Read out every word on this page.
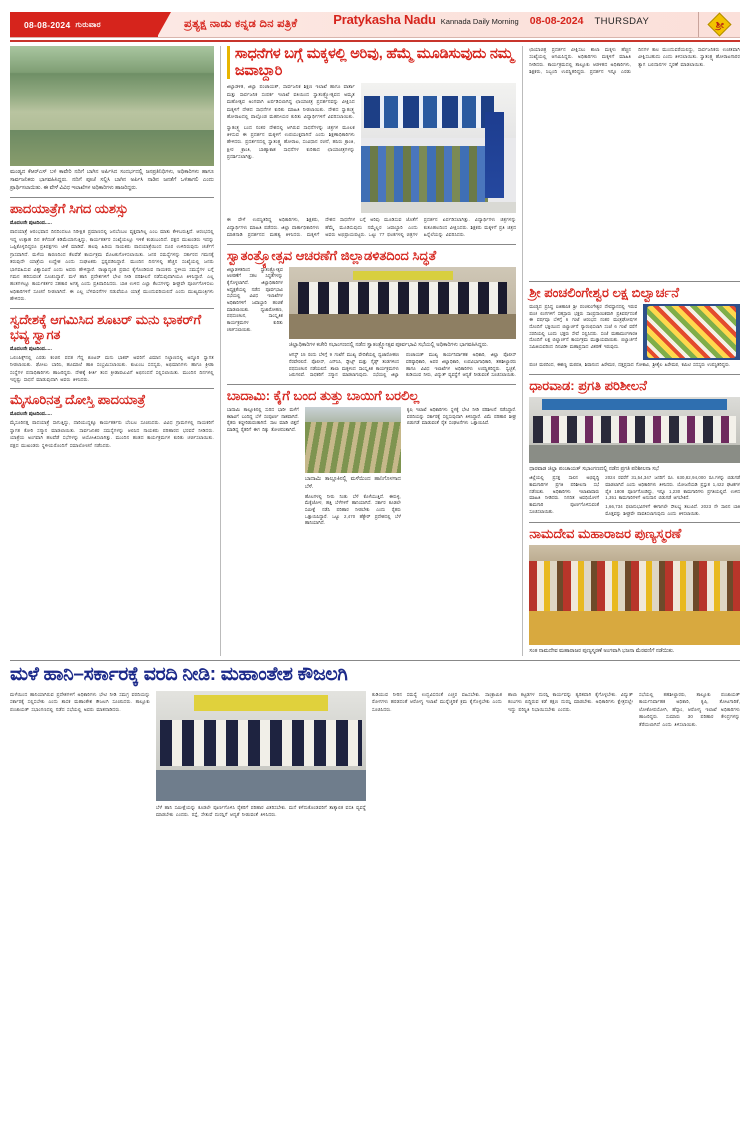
08-08-2024 ಗುರುವಾರ	ಪ್ರತ್ಯಕ್ಷ ನಾಡು ಕನ್ನಡ ದಿನ ಪತ್ರಿಕೆ	Pratykasha Nadu Kannada Daily Morning 08-08-2024 THURSDAY	ಶ್ರೀ
ಮಂಡ್ಯದ ಕೆಆರ್‌ಎಸ್ ಬಳಿ ಕಾವೇರಿ ನದಿಗೆ ಬಾಗಿನ ಅರ್ಪಿಸಿದ ಸಂದರ್ಭದಲ್ಲಿ ಜನಪ್ರತಿನಿಧಿಗಳು, ಅಧಿಕಾರಿಗಳು ಹಾಗೂ ಸಾರ್ವಜನಿಕರು ಭಾಗವಹಿಸಿದ್ದರು. ನದಿಗೆ ಪೂಜೆ ಸಲ್ಲಿಸಿ ಬಾಗಿನ ಅರ್ಪಿಸಿ ನಾಡಿನ ಜನತೆಗೆ ಒಳಿತಾಗಲಿ ಎಂದು ಪ್ರಾರ್ಥಿಸಲಾಯಿತು. ಈ ವೇಳೆ ವಿವಿಧ ಇಲಾಖೆಗಳ ಅಧಿಕಾರಿಗಳು ಹಾಜರಿದ್ದರು.
ಪಾದಯಾತ್ರೆಗೆ ಸಿಗದ ಯಶಸ್ಸು
ಮೊದಲನೇ ಪುಟದಿಂದ.....
ಪಾದಯಾತ್ರೆ ಆರಂಭವಾದ ದಿನದಿಂದಲೂ ನಿರೀಕ್ಷಿತ ಪ್ರಮಾಣದಲ್ಲಿ ಜನಬೆಂಬಲ ವ್ಯಕ್ತವಾಗಿಲ್ಲ ಎಂಬ ಮಾತು ಕೇಳಿಬರುತ್ತಿದೆ. ಆರಂಭದಲ್ಲಿ ಇದ್ದ ಉತ್ಸಾಹ ದಿನ ಕಳೆದಂತೆ ಕಡಿಮೆಯಾಗುತ್ತಿದ್ದು, ಕಾರ್ಯಕರ್ತರ ಸಂಖ್ಯೆಯಲ್ಲೂ ಇಳಿಕೆ ಕಂಡುಬಂದಿದೆ. ಪಕ್ಷದ ಮುಖಂಡರು ಇದನ್ನು ಒಪ್ಪಿಕೊಳ್ಳದಿದ್ದರೂ ಪ್ರತಿಪಕ್ಷಗಳು ಟೀಕೆ ಮಾಡಿವೆ. ಹಲವು ಹಿರಿಯ ನಾಯಕರು ಪಾದಯಾತ್ರೆಯಿಂದ ದೂರ ಉಳಿದಿರುವುದು ಚರ್ಚೆಗೆ ಗ್ರಾಸವಾಗಿದೆ. ಮಳೆಯ ಕಾರಣದಿಂದ ಕೆಲವೆಡೆ ಕಾರ್ಯಕ್ರಮ ಮೊಟಕುಗೊಳಿಸಲಾಯಿತು. ಜನರ ಸಮಸ್ಯೆಗಳನ್ನು ಸರ್ಕಾರದ ಗಮನಕ್ಕೆ ತರುವುದೇ ಯಾತ್ರೆಯ ಉದ್ದೇಶ ಎಂದು ಸಂಘಟಕರು ಸ್ಪಷ್ಟಪಡಿಸಿದ್ದಾರೆ. ಮುಂದಿನ ದಿನಗಳಲ್ಲಿ ಹೆಚ್ಚಿನ ಸಂಖ್ಯೆಯಲ್ಲಿ ಜನರು ಭಾಗವಹಿಸುವ ವಿಶ್ವಾಸವಿದೆ ಎಂದು ಅವರು ಹೇಳಿದ್ದಾರೆ. ರಾಜ್ಯಾದ್ಯಂತ ಪ್ರವಾಸ ಕೈಗೊಂಡಿರುವ ನಾಯಕರು ಸ್ಥಳೀಯ ಸಮಸ್ಯೆಗಳ ಬಗ್ಗೆ ಗಮನ ಹರಿಸುವಂತೆ ಸೂಚಿಸಿದ್ದಾರೆ. ಮಳೆ ಹಾನಿ ಪ್ರದೇಶಗಳಿಗೆ ಭೇಟಿ ನೀಡಿ ಪರಿಶೀಲನೆ ನಡೆಸುವುದಾಗಿಯೂ ತಿಳಿಸಿದ್ದಾರೆ. ಎಲ್ಲ ಹಂತಗಳಲ್ಲೂ ಕಾರ್ಯಕರ್ತರ ಸಹಕಾರ ಅಗತ್ಯ ಎಂದು ಪ್ರತಿಪಾದಿಸಿದರು. ಬಾಕಿ ಉಳಿದ ಎಲ್ಲಾ ಕೆಲಸಗಳನ್ನು ಶೀಘ್ರವೇ ಪೂರ್ಣಗೊಳಿಸಲು ಅಧಿಕಾರಿಗಳಿಗೆ ಸೂಚನೆ ನೀಡಲಾಗಿದೆ. ಈ ಎಲ್ಲ ಬೆಳವಣಿಗೆಗಳ ನಡುವೆಯೂ ಯಾತ್ರೆ ಮುಂದುವರಿಯಲಿದೆ ಎಂದು ಮುಖ್ಯಮಂತ್ರಿಗಳು ಹೇಳಿದರು.
ಸ್ವದೇಶಕ್ಕೆ ಆಗಮಿಸಿದ ಶೂಟರ್ ಮನು ಭಾಕರ್‌ಗೆ ಭವ್ಯ ಸ್ವಾಗತ
ಮೊದಲನೇ ಪುಟದಿಂದ.....
ಒಲಿಂಪಿಕ್ಸ್‌ನಲ್ಲಿ ಎರಡು ಕಂಚಿನ ಪದಕ ಗೆದ್ದ ಶೂಟರ್ ಮನು ಭಾಕರ್ ಅವರಿಗೆ ವಿಮಾನ ನಿಲ್ದಾಣದಲ್ಲಿ ಅದ್ಧೂರಿ ಸ್ವಾಗತ ನೀಡಲಾಯಿತು. ಢೋಲು ಬಾರಿಸಿ, ಹೂಮಾಲೆ ಹಾಕಿ ಸಂಭ್ರಮಿಸಲಾಯಿತು. ಕುಟುಂಬ ಸದಸ್ಯರು, ಅಭಿಮಾನಿಗಳು ಹಾಗೂ ಕ್ರೀಡಾ ಸಂಸ್ಥೆಗಳ ಪದಾಧಿಕಾರಿಗಳು ಹಾಜರಿದ್ದರು. ದೇಶಕ್ಕೆ ಕೀರ್ತಿ ತಂದ ಕ್ರೀಡಾಪಟುವಿಗೆ ಅಭಿನಂದನೆ ಸಲ್ಲಿಸಲಾಯಿತು. ಮುಂದಿನ ದಿನಗಳಲ್ಲಿ ಇನ್ನಷ್ಟು ಸಾಧನೆ ಮಾಡುವುದಾಗಿ ಅವರು ತಿಳಿಸಿದರು.
ಮೈಸೂರಿನತ್ತ ದೋಸ್ತಿ ಪಾದಯಾತ್ರೆ
ಮೊದಲನೇ ಪುಟದಿಂದ.....
ಮೈಸೂರಿನತ್ತ ಪಾದಯಾತ್ರೆ ಸಾಗುತ್ತಿದ್ದು, ದಾರಿಯುದ್ದಕ್ಕೂ ಕಾರ್ಯಕರ್ತರು ಬೆಂಬಲ ಸೂಚಿಸಿದರು. ವಿವಿಧ ಗ್ರಾಮಗಳಲ್ಲಿ ನಾಯಕರಿಗೆ ಸ್ವಾಗತ ಕೋರಿ ಸನ್ಮಾನ ಮಾಡಲಾಯಿತು. ಸಾರ್ವಜನಿಕರ ಸಮಸ್ಯೆಗಳನ್ನು ಆಲಿಸಿದ ನಾಯಕರು ಪರಿಹಾರದ ಭರವಸೆ ನೀಡಿದರು. ಯಾತ್ರೆಯ ಅಂಗವಾಗಿ ಹಲವೆಡೆ ಸಭೆಗಳನ್ನು ಆಯೋಜಿಸಲಾಗಿತ್ತು. ಮುಂದಿನ ಹಂತದ ಕಾರ್ಯಕ್ರಮಗಳ ಕುರಿತು ಚರ್ಚಿಸಲಾಯಿತು. ಪಕ್ಷದ ಮುಖಂಡರು ಸ್ಥಳೀಯರೊಂದಿಗೆ ಸಮಾಲೋಚನೆ ನಡೆಸಿದರು.
ಸಾಧನೆಗಳ ಬಗ್ಗೆ ಮಕ್ಕಳಲ್ಲಿ ಅರಿವು, ಹೆಮ್ಮೆ ಮೂಡಿಸುವುದು ನಮ್ಮ ಜವಾಬ್ದಾರಿ
ಜಿಲ್ಲಾಡಳಿತ, ಜಿಲ್ಲಾ ಪಂಚಾಯತ್, ಸಾರ್ವಜನಿಕ ಶಿಕ್ಷಣ ಇಲಾಖೆ ಹಾಗೂ ವಾರ್ತಾ ಮತ್ತು ಸಾರ್ವಜನಿಕ ಸಂಪರ್ಕ ಇಲಾಖೆ ವತಿಯಿಂದ ಸ್ವಾತಂತ್ರ್ಯೋತ್ಸವದ ಅಮೃತ ಮಹೋತ್ಸವ ಅಂಗವಾಗಿ ಏರ್ಪಡಿಸಲಾಗಿದ್ದ ಛಾಯಾಚಿತ್ರ ಪ್ರದರ್ಶನವನ್ನು ವೀಕ್ಷಿಸಿದ ಮಕ್ಕಳಿಗೆ ದೇಶದ ಸಾಧನೆಗಳ ಕುರಿತು ಮಾಹಿತಿ ನೀಡಲಾಯಿತು. ದೇಶದ ಸ್ವಾತಂತ್ರ್ಯ ಹೋರಾಟದಲ್ಲಿ ಪಾಲ್ಗೊಂಡ ಮಹನೀಯರ ಕುರಿತು ವಿದ್ಯಾರ್ಥಿಗಳಿಗೆ ವಿವರಿಸಲಾಯಿತು.
ಸ್ವಾತಂತ್ರ್ಯ ಬಂದ ನಂತರ ದೇಶದಲ್ಲಿ ಆಗಿರುವ ಸಾಧನೆಗಳನ್ನು ಚಿತ್ರಗಳ ಮೂಲಕ ತಿಳಿಸುವ ಈ ಪ್ರದರ್ಶನ ಮಕ್ಕಳಿಗೆ ಉಪಯುಕ್ತವಾಗಿದೆ ಎಂದು ಶಿಕ್ಷಣಾಧಿಕಾರಿಗಳು ಹೇಳಿದರು. ಪ್ರದರ್ಶನದಲ್ಲಿ ಸ್ವಾತಂತ್ರ್ಯ ಹೋರಾಟ, ಸಂವಿಧಾನ ರಚನೆ, ಹಸಿರು ಕ್ರಾಂತಿ, ಕ್ಷೀರ ಕ್ರಾಂತಿ, ಬಾಹ್ಯಾಕಾಶ ಸಾಧನೆಗಳ ಕುರಿತಾದ ಛಾಯಾಚಿತ್ರಗಳನ್ನು ಪ್ರದರ್ಶಿಸಲಾಗಿತ್ತು.
ಈ ವೇಳೆ ಉಪಸ್ಥಿತರಿದ್ದ ಅಧಿಕಾರಿಗಳು, ಶಿಕ್ಷಕರು, ವಿದ್ಯಾರ್ಥಿಗಳು ಮಾಹಿತಿ ಪಡೆದರು. ಜಿಲ್ಲಾ ವಾರ್ತಾಧಿಕಾರಿಗಳು ಮಾತನಾಡಿ ಪ್ರದರ್ಶನದ ಮಹತ್ವ ತಿಳಿಸಿದರು. ಮಕ್ಕಳಿಗೆ ದೇಶದ ಸಾಧನೆಗಳ ಬಗ್ಗೆ ಅರಿವು ಮೂಡಿಸುವ ಜೊತೆಗೆ ಹೆಮ್ಮೆ ಮೂಡಿಸುವುದು ನಮ್ಮೆಲ್ಲರ ಜವಾಬ್ದಾರಿ ಎಂದು ಅವರು ಅಭಿಪ್ರಾಯಪಟ್ಟರು. ಒಟ್ಟು 77 ಫಲಕಗಳಲ್ಲಿ ಚಿತ್ರಗಳ ಪ್ರದರ್ಶನ ಏರ್ಪಡಿಸಲಾಗಿತ್ತು. ವಿದ್ಯಾರ್ಥಿಗಳು ಚಿತ್ರಗಳನ್ನು ಕುತೂಹಲದಿಂದ ವೀಕ್ಷಿಸಿದರು. ಶಿಕ್ಷಕರು ಮಕ್ಕಳಿಗೆ ಪ್ರತಿ ಚಿತ್ರದ ಹಿನ್ನೆಲೆಯನ್ನು ವಿವರಿಸಿದರು.
ಸ್ವಾತಂತ್ರ್ಯೋತ್ಸವ ಆಚರಣೆಗೆ ಜಿಲ್ಲಾಡಳಿತದಿಂದ ಸಿದ್ಧತೆ
ಜಿಲ್ಲಾಡಳಿತದಿಂದ ಸ್ವಾತಂತ್ರ್ಯೋತ್ಸವ ಆಚರಣೆಗೆ ಸಕಲ ಸಿದ್ಧತೆಗಳನ್ನು ಕೈಗೊಳ್ಳಲಾಗಿದೆ. ಜಿಲ್ಲಾಧಿಕಾರಿಗಳ ಅಧ್ಯಕ್ಷತೆಯಲ್ಲಿ ನಡೆದ ಪೂರ್ವಭಾವಿ ಸಭೆಯಲ್ಲಿ ವಿವಿಧ ಇಲಾಖೆಗಳ ಅಧಿಕಾರಿಗಳಿಗೆ ಜವಾಬ್ದಾರಿ ಹಂಚಿಕೆ ಮಾಡಲಾಯಿತು. ಧ್ವಜಾರೋಹಣ, ಪಥಸಂಚಲನ, ಸಾಂಸ್ಕೃತಿಕ ಕಾರ್ಯಕ್ರಮಗಳ ಕುರಿತು ಚರ್ಚಿಸಲಾಯಿತು.
ಜಿಲ್ಲಾಧಿಕಾರಿಗಳ ಕಚೇರಿ ಸಭಾಂಗಣದಲ್ಲಿ ನಡೆದ ಸ್ವಾತಂತ್ರ್ಯೋತ್ಸವ ಪೂರ್ವಭಾವಿ ಸಭೆಯಲ್ಲಿ ಅಧಿಕಾರಿಗಳು ಭಾಗವಹಿಸಿದ್ದರು.
ಆಗಸ್ಟ್ 15 ರಂದು ಬೆಳಿಗ್ಗೆ 9 ಗಂಟೆಗೆ ಮುಖ್ಯ ವೇದಿಕೆಯಲ್ಲಿ ಧ್ವಜಾರೋಹಣ ನೆರವೇರಲಿದೆ. ಪೊಲೀಸ್, ಎನ್‌ಸಿಸಿ, ಸ್ಕೌಟ್ಸ್ ಮತ್ತು ಗೈಡ್ಸ್ ತಂಡಗಳಿಂದ ಪಥಸಂಚಲನ ನಡೆಯಲಿದೆ. ಶಾಲಾ ಮಕ್ಕಳಿಂದ ಸಾಂಸ್ಕೃತಿಕ ಕಾರ್ಯಕ್ರಮಗಳು ಜರುಗಲಿವೆ. ಸಾಧಕರಿಗೆ ಸನ್ಮಾನ ಮಾಡಲಾಗುವುದು. ಸಭೆಯಲ್ಲಿ ಜಿಲ್ಲಾ ಪಂಚಾಯತ್ ಮುಖ್ಯ ಕಾರ್ಯನಿರ್ವಾಹಕ ಅಧಿಕಾರಿ, ಜಿಲ್ಲಾ ಪೊಲೀಸ್ ವರಿಷ್ಠಾಧಿಕಾರಿ, ಅಪರ ಜಿಲ್ಲಾಧಿಕಾರಿ, ಉಪವಿಭಾಗಾಧಿಕಾರಿ, ತಹಶೀಲ್ದಾರರು ಹಾಗೂ ವಿವಿಧ ಇಲಾಖೆಗಳ ಅಧಿಕಾರಿಗಳು ಉಪಸ್ಥಿತರಿದ್ದರು. ಸ್ವಚ್ಛತೆ, ಕುಡಿಯುವ ನೀರು, ವಿದ್ಯುತ್ ವ್ಯವಸ್ಥೆಗೆ ಆದ್ಯತೆ ನೀಡುವಂತೆ ಸೂಚಿಸಲಾಯಿತು.
ಬಾದಾಮಿ: ಕೈಗೆ ಬಂದ ತುತ್ತು ಬಾಯಿಗೆ ಬರಲಿಲ್ಲ
ಬಾದಾಮಿ ತಾಲ್ಲೂಕಿನಲ್ಲಿ ಸುರಿದ ಭಾರೀ ಮಳೆಗೆ ಕಟಾವಿಗೆ ಬಂದಿದ್ದ ಬೆಳೆ ಸಂಪೂರ್ಣ ನಾಶವಾಗಿದೆ. ರೈತರು ಕಣ್ಣೀರಿಡುವಂತಾಗಿದೆ. ಸಾಲ ಮಾಡಿ ಬಿತ್ತನೆ ಮಾಡಿದ್ದ ರೈತರಿಗೆ ಈಗ ದಿಕ್ಕು ತೋಚದಂತಾಗಿದೆ.
ಬಾದಾಮಿ ತಾಲ್ಲೂಕಿನಲ್ಲಿ ಮಳೆಯಿಂದ ಹಾನಿಗೊಳಗಾದ ಬೆಳೆ.
ಹೊಲಗಳಲ್ಲಿ ನೀರು ನಿಂತು ಬೆಳೆ ಕೊಳೆಯುತ್ತಿದೆ. ಈರುಳ್ಳಿ, ಮೆಕ್ಕೆಜೋಳ, ಹತ್ತಿ ಬೆಳೆಗಳಿಗೆ ಹಾನಿಯಾಗಿದೆ. ಸರ್ಕಾರ ಕೂಡಲೇ ಸಮೀಕ್ಷೆ ನಡೆಸಿ ಪರಿಹಾರ ನೀಡಬೇಕು ಎಂದು ರೈತರು ಒತ್ತಾಯಿಸಿದ್ದಾರೆ. ಒಟ್ಟು 2,470 ಹೆಕ್ಟೇರ್ ಪ್ರದೇಶದಲ್ಲಿ ಬೆಳೆ ಹಾನಿಯಾಗಿದೆ.
ಕೃಷಿ ಇಲಾಖೆ ಅಧಿಕಾರಿಗಳು ಸ್ಥಳಕ್ಕೆ ಭೇಟಿ ನೀಡಿ ಪರಿಶೀಲನೆ ನಡೆಸಿದ್ದಾರೆ. ವರದಿಯನ್ನು ಸರ್ಕಾರಕ್ಕೆ ಸಲ್ಲಿಸುವುದಾಗಿ ತಿಳಿಸಿದ್ದಾರೆ. ವಿಮೆ ಪರಿಹಾರ ಶೀಘ್ರ ಬಿಡುಗಡೆ ಮಾಡುವಂತೆ ರೈತ ಸಂಘಟನೆಗಳು ಒತ್ತಾಯಿಸಿವೆ.
ಛಾಯಾಚಿತ್ರ ಪ್ರದರ್ಶನ ವೀಕ್ಷಿಸಲು ಶಾಲಾ ಮಕ್ಕಳು ಹೆಚ್ಚಿನ ಸಂಖ್ಯೆಯಲ್ಲಿ ಆಗಮಿಸಿದ್ದರು. ಅಧಿಕಾರಿಗಳು ಮಕ್ಕಳಿಗೆ ಮಾಹಿತಿ ನೀಡಿದರು. ಕಾರ್ಯಕ್ರಮದಲ್ಲಿ ತಾಲ್ಲೂಕು ಆಡಳಿತದ ಅಧಿಕಾರಿಗಳು, ಶಿಕ್ಷಕರು, ಸಿಬ್ಬಂದಿ ಉಪಸ್ಥಿತರಿದ್ದರು. ಪ್ರದರ್ಶನ ಇನ್ನೂ ಎರಡು ದಿನಗಳ ಕಾಲ ಮುಂದುವರೆಯಲಿದ್ದು, ಸಾರ್ವಜನಿಕರು ಉಚಿತವಾಗಿ ವೀಕ್ಷಿಸಬಹುದು ಎಂದು ತಿಳಿಸಲಾಯಿತು. ಸ್ವಾತಂತ್ರ್ಯ ಹೋರಾಟಗಾರರ ತ್ಯಾಗ ಬಲಿದಾನಗಳ ಸ್ಮರಣೆ ಮಾಡಲಾಯಿತು.
ಶ್ರೀ ಪಂಚಲಿಂಗೇಶ್ವರ ಲಕ್ಷ ಬಿಲ್ವಾರ್ಚನೆ
ಮಂಡ್ಯದ ಪ್ರಸಿದ್ಧ ಐತಿಹಾಸಿಕ ಶ್ರೀ ಪಂಚಲಿಂಗೇಶ್ವರ ದೇವಸ್ಥಾನದಲ್ಲಿ ಇರುವ ಪಂಚ ಲಿಂಗಗಳಿಗೆ ಸಹಸ್ರಾರು ಭಕ್ತರು ಸಾಂಪ್ರದಾಯಿಕವಾಗಿ ಪ್ರತಿವರ್ಷದಂತೆ ಈ ವರ್ಷವೂ ಬೆಳಿಗ್ಗೆ 6 ಗಂಟೆ ಆರಂಭದ ನಂತರ ಮಂತ್ರಘೋಷಗಳ ದೊಂದಿಗೆ ಭಕ್ತಿಯಿಂದ ಬಿಲ್ವಾರ್ಚನೆ ನ್ಯಾರಂಭಿಸಲಾಗಿ ಸಂಜೆ 6 ಗಂಟೆ ವರೆಗೆ ಸರದಿಯಲ್ಲಿ ಬಂದು ಭಕ್ತರು ಸೇವೆ ಸಲ್ಲಿಸಿದರು. ಸಂಜೆ ಮಹಾಮಂಗಳಾರತಿ ದೊಂದಿಗೆ ಲಕ್ಷ ಬಿಲ್ವಾರ್ಚನೆ ಕಾರ್ಯಕ್ರಮ ಮುಕ್ತಾಯವಾಯಿತು. ಬಿಲ್ವಾರ್ಚನೆ ಸಮಿತಿಯವರಿಂದ ದಿನವಿಡೀ ಮಹಾಪ್ರಸಾದ ವಿತರಣೆ ಇರುವುದು.
ಪಂಚ ಮಠದಿಂದ, ಈಶಣ್ಣ ಮಠಪತಿ, ಶಿವಾನಂದ ಹಿರೇಮಠ, ದತ್ತಪ್ರಸಾದ ಗೋಕಾವಿ, ಶ್ರೀಶೈಲ ಹಿರೇಮಠ, ಕಮಿಟಿ ಸದಸ್ಯರು ಉಪಸ್ಥಿತರಿದ್ದರು.
ಧಾರವಾಡ: ಪ್ರಗತಿ ಪರಿಶೀಲನೆ
ಧಾರವಾಡ ಜಿಲ್ಲಾ ಪಂಚಾಯತ್ ಸಭಾಂಗಣದಲ್ಲಿ ನಡೆದ ಪ್ರಗತಿ ಪರಿಶೀಲನಾ ಸಭೆ
ಜಿಲ್ಲೆಯಲ್ಲಿ ಪ್ರಸಕ್ತ ಸಾಲಿನ ಅಭಿವೃದ್ಧಿ ಕಾಮಗಾರಿಗಳ ಪ್ರಗತಿ ಪರಿಶೀಲನಾ ಸಭೆ ನಡೆಯಿತು. ಅಧಿಕಾರಿಗಳು ಇಲಾಖಾವಾರು ಮಾಹಿತಿ ನೀಡಿದರು. ನಿಗದಿತ ಅವಧಿಯೊಳಗೆ ಕಾಮಗಾರಿ ಪೂರ್ಣಗೊಳಿಸುವಂತೆ ಸೂಚಿಸಲಾಯಿತು.
2024 ರವರೆಗೆ 31,54,347 ಜನರಿಗೆ ರೂ. 630,82,94,000 ರೂ.ಗಳನ್ನು ಬಿಡುಗಡೆ ಮಾಡಲಾಗಿದೆ ಎಂದು ಅಧಿಕಾರಿಗಳು ತಿಳಿಸಿದರು. ಯೋಜನೆಯಡಿ ಪ್ರಸ್ತುತ 1,422 ಘಟಕಗಳ ಪೈಕಿ 1808 ಪೂರ್ಣಗೊಂಡಿದ್ದು, ಇನ್ನೂ 1,230 ಕಾಮಗಾರಿಗಳು ಪ್ರಗತಿಯಲ್ಲಿವೆ. ಉಳಿದ 1,351 ಕಾಮಗಾರಿಗಳಿಗೆ ಅನುದಾನ ಬಿಡುಗಡೆ ಆಗಬೇಕಿದೆ.
1,66,734 ಫಲಾನುಭವಿಗಳಿಗೆ ಈಗಾಗಲೇ ಸೌಲಭ್ಯ ತಲುಪಿದೆ. 2023 ನೇ ಸಾಲಿನ ಬಾಕಿ ಮೊತ್ತವನ್ನು ಶೀಘ್ರವೇ ಪಾವತಿಸಲಾಗುವುದು ಎಂದು ತಿಳಿಸಲಾಯಿತು.
ನಾಮದೇವ ಮಹಾರಾಜರ ಪುಣ್ಯಸ್ಮರಣೆ
ಸಂತ ನಾಮದೇವ ಮಹಾರಾಜರ ಪುಣ್ಯಸ್ಮರಣೆ ಅಂಗವಾಗಿ ಭಜನಾ ಮೆರವಣಿಗೆ ನಡೆಯಿತು.
ಮಳೆ ಹಾನಿ–ಸರ್ಕಾರಕ್ಕೆ ವರದಿ ನೀಡಿ: ಮಹಾಂತೇಶ ಕೌಜಲಗಿ
ಮಳೆಯಿಂದ ಹಾನಿಯಾಗಿರುವ ಪ್ರದೇಶಗಳಿಗೆ ಅಧಿಕಾರಿಗಳು ಭೇಟಿ ನೀಡಿ ಸಮಗ್ರ ವರದಿಯನ್ನು ಸರ್ಕಾರಕ್ಕೆ ಸಲ್ಲಿಸಬೇಕು ಎಂದು ಶಾಸಕ ಮಹಾಂತೇಶ ಕೌಜಲಗಿ ಸೂಚಿಸಿದರು. ತಾಲ್ಲೂಕು ಪಂಚಾಯತ್ ಸಭಾಂಗಣದಲ್ಲಿ ನಡೆದ ಸಭೆಯಲ್ಲಿ ಅವರು ಮಾತನಾಡಿದರು.
ಬೆಳೆ ಹಾನಿ ಸಮೀಕ್ಷೆಯನ್ನು ಕೂಡಲೇ ಪೂರ್ಣಗೊಳಿಸಿ ರೈತರಿಗೆ ಪರಿಹಾರ ವಿತರಿಸಬೇಕು. ಮನೆ ಕಳೆದುಕೊಂಡವರಿಗೆ ತಾತ್ಕಾಲಿಕ ವಸತಿ ವ್ಯವಸ್ಥೆ ಮಾಡಬೇಕು ಎಂದರು. ರಸ್ತೆ, ಸೇತುವೆ ದುರಸ್ತಿಗೆ ಆದ್ಯತೆ ನೀಡುವಂತೆ ತಿಳಿಸಿದರು.
ಕುಡಿಯುವ ನೀರಿನ ಸಮಸ್ಯೆ ಉದ್ಭವಿಸದಂತೆ ಎಚ್ಚರ ವಹಿಸಬೇಕು. ಸಾಂಕ್ರಾಮಿಕ ರೋಗಗಳು ಹರಡದಂತೆ ಆರೋಗ್ಯ ಇಲಾಖೆ ಮುನ್ನೆಚ್ಚರಿಕೆ ಕ್ರಮ ಕೈಗೊಳ್ಳಬೇಕು ಎಂದು ಸೂಚಿಸಿದರು.
ಶಾಲಾ ಕಟ್ಟಡಗಳ ದುರಸ್ತಿ ಕಾರ್ಯವನ್ನು ತ್ವರಿತವಾಗಿ ಕೈಗೊಳ್ಳಬೇಕು. ವಿದ್ಯುತ್ ಕಂಬಗಳು ಬಿದ್ದಿರುವ ಕಡೆ ತಕ್ಷಣ ದುರಸ್ತಿ ಮಾಡಬೇಕು. ಅಧಿಕಾರಿಗಳು ಕ್ಷೇತ್ರದಲ್ಲೇ ಇದ್ದು ಪರಿಸ್ಥಿತಿ ನಿಭಾಯಿಸಬೇಕು ಎಂದರು.
ಸಭೆಯಲ್ಲಿ ತಹಶೀಲ್ದಾರರು, ತಾಲ್ಲೂಕು ಪಂಚಾಯತ್ ಕಾರ್ಯನಿರ್ವಾಹಕ ಅಧಿಕಾರಿ, ಕೃಷಿ, ತೋಟಗಾರಿಕೆ, ಲೋಕೋಪಯೋಗಿ, ಹೆಸ್ಕಾಂ, ಆರೋಗ್ಯ ಇಲಾಖೆ ಅಧಿಕಾರಿಗಳು ಹಾಜರಿದ್ದರು. ಸುಮಾರು 30 ಪರಿಹಾರ ಕೇಂದ್ರಗಳನ್ನು ತೆರೆಯಲಾಗಿದೆ ಎಂದು ತಿಳಿಸಲಾಯಿತು.
